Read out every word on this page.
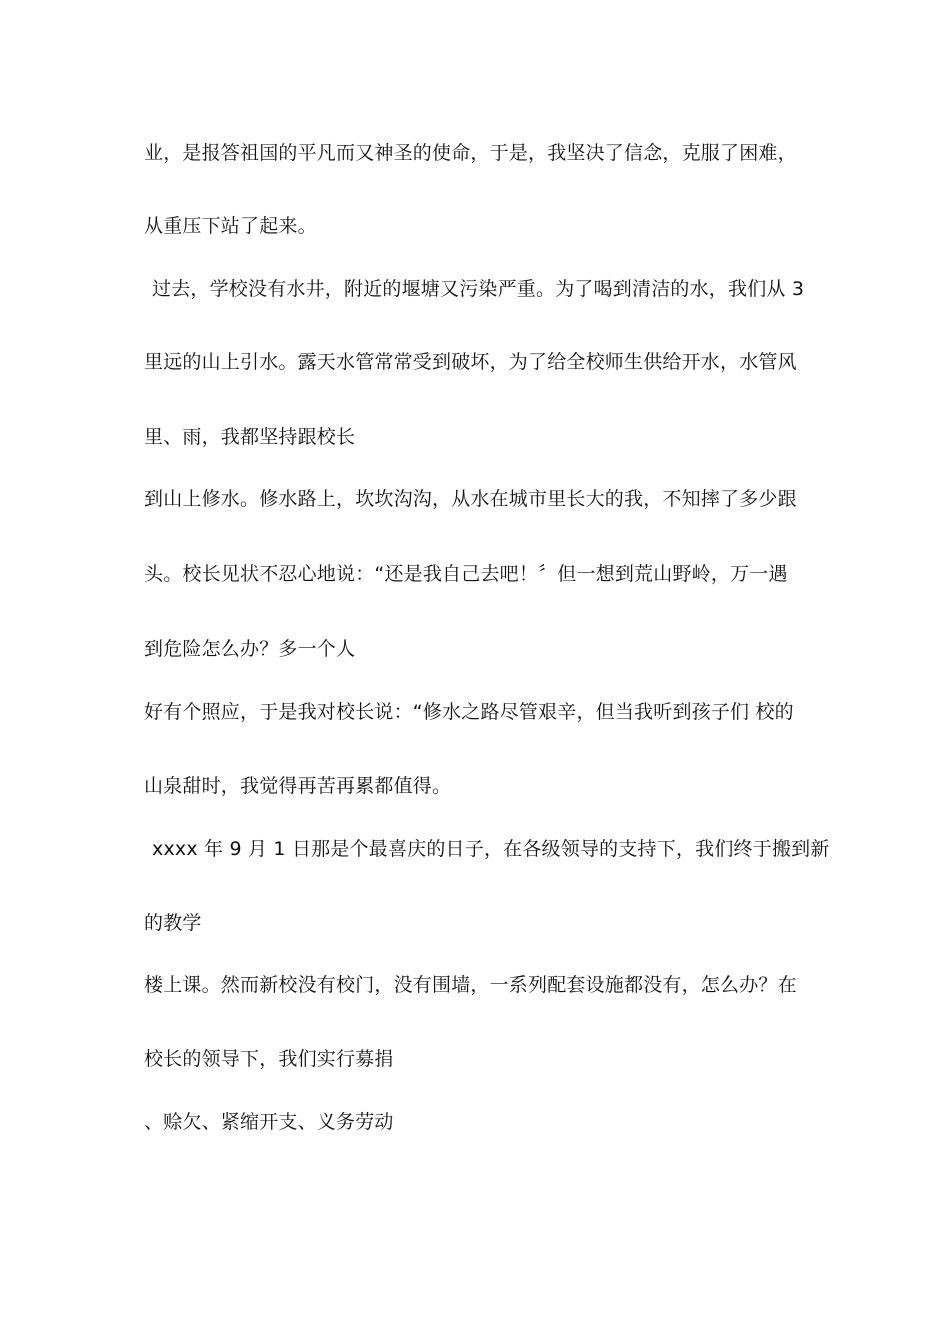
业，是报答祖国的平凡而又神圣的使命，于是，我坚决了信念，克服了困难，
从重压下站了起来。
过去，学校没有水井，附近的堰塘又污染严重。为了喝到清洁的水，我们从 3
里远的山上引水。露天水管常常受到破坏，为了给全校师生供给开水，水管风
里、雨，我都坚持跟校长
到山上修水。修水路上，坎坎沟沟，从水在城市里长大的我，不知摔了多少跟
头。校长见状不忍心地说：“还是我自己去吧！〞但一想到荒山野岭，万一遇
到危险怎么办？多一个人
好有个照应，于是我对校长说：“修水之路尽管艰辛，但当我听到孩子们 校的
山泉甜时，我觉得再苦再累都值得。
xxxx 年 9 月 1 日那是个最喜庆的日子，在各级领导的支持下，我们终于搬到新
的教学
楼上课。然而新校没有校门，没有围墙，一系列配套设施都没有，怎么办？在
校长的领导下，我们实行募捐
、赊欠、紧缩开支、义务劳动
